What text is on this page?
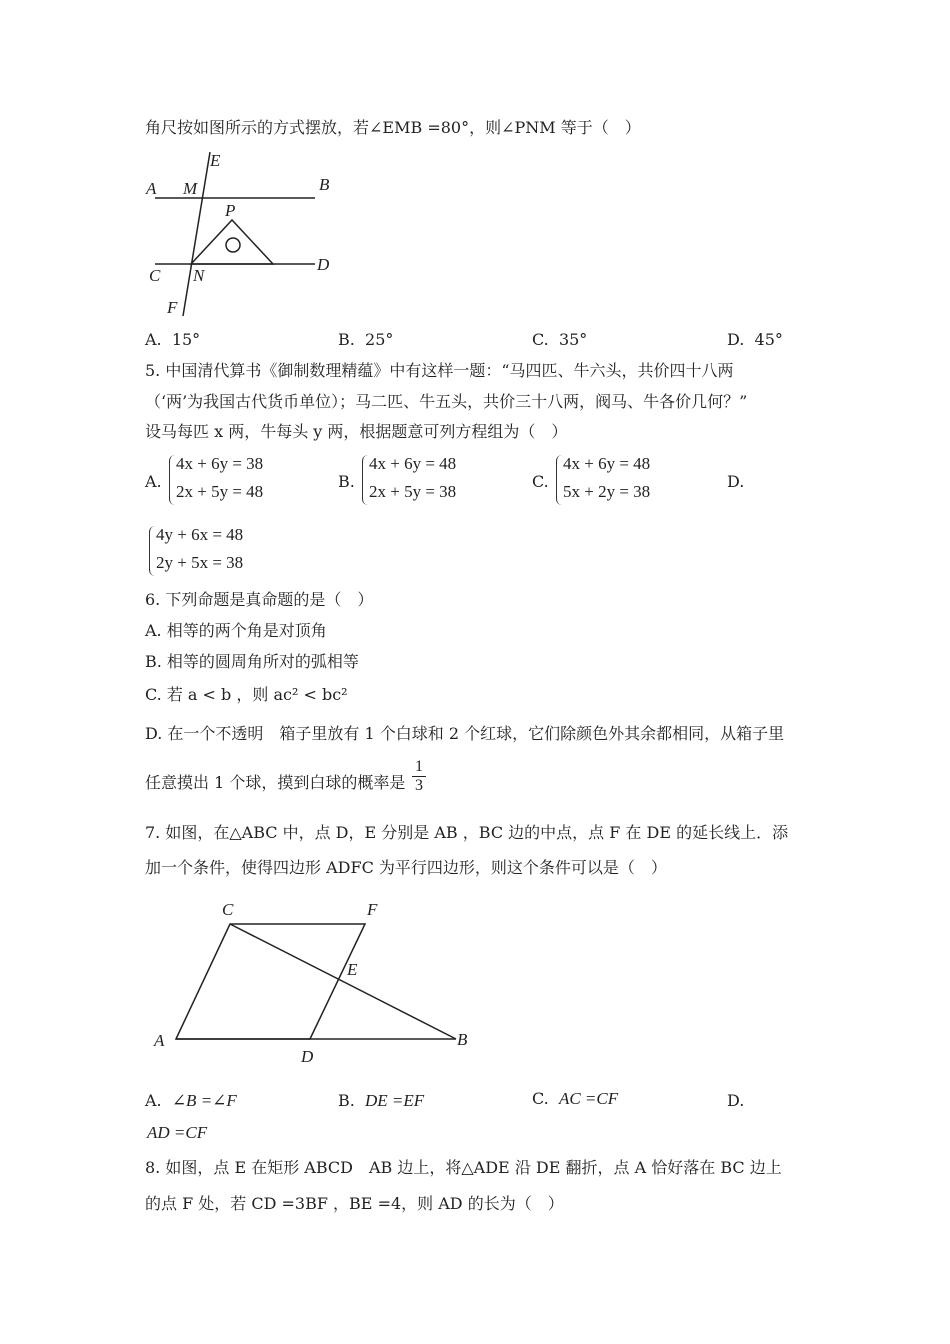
角尺按如图所示的方式摆放，若∠EMB =80°，则∠PNM 等于（　）
E
A M	B
P
C N
D
F
A. 15°	B. 25°	C. 35°	D. 45°
5. 中国清代算书《御制数理精蕴》中有这样一题：“马四匹、牛六头，共价四十八两
（‘两’为我国古代货币单位）；马二匹、牛五头，共价三十八两，阀马、牛各价几何？”
设马每匹 x 两，牛每头 y 两，根据题意可列方程组为（　）
A.
4x + 6y = 38
2x + 5y = 48
B.
4x + 6y = 48
2x + 5y = 38
C.
4x + 6y = 48
5x + 2y = 38
D.
4y + 6x = 48
2y + 5x = 38
6. 下列命题是真命题的是（　）
A. 相等的两个角是对顶角
B. 相等的圆周角所对的弧相等
C. 若 a < b ，则 ac² < bc²
D. 在一个不透明　箱子里放有 1 个白球和 2 个红球，它们除颜色外其余都相同，从箱子里
任意摸出 1 个球，摸到白球的概率是
1
3
7. 如图，在△ABC 中，点 D，E 分别是 AB ，BC 边的中点，点 F 在 DE 的延长线上．添
加一个条件，使得四边形 ADFC 为平行四边形，则这个条件可以是（　）
C	F
E
A
D
B
A. ∠B =∠F	B. DE =EF	C. AC =CF	D.
AD =CF
8. 如图，点 E 在矩形 ABCD　AB 边上，将△ADE 沿 DE 翻折，点 A 恰好落在 BC 边上
的点 F 处，若 CD =3BF ，BE =4，则 AD 的长为（　）
